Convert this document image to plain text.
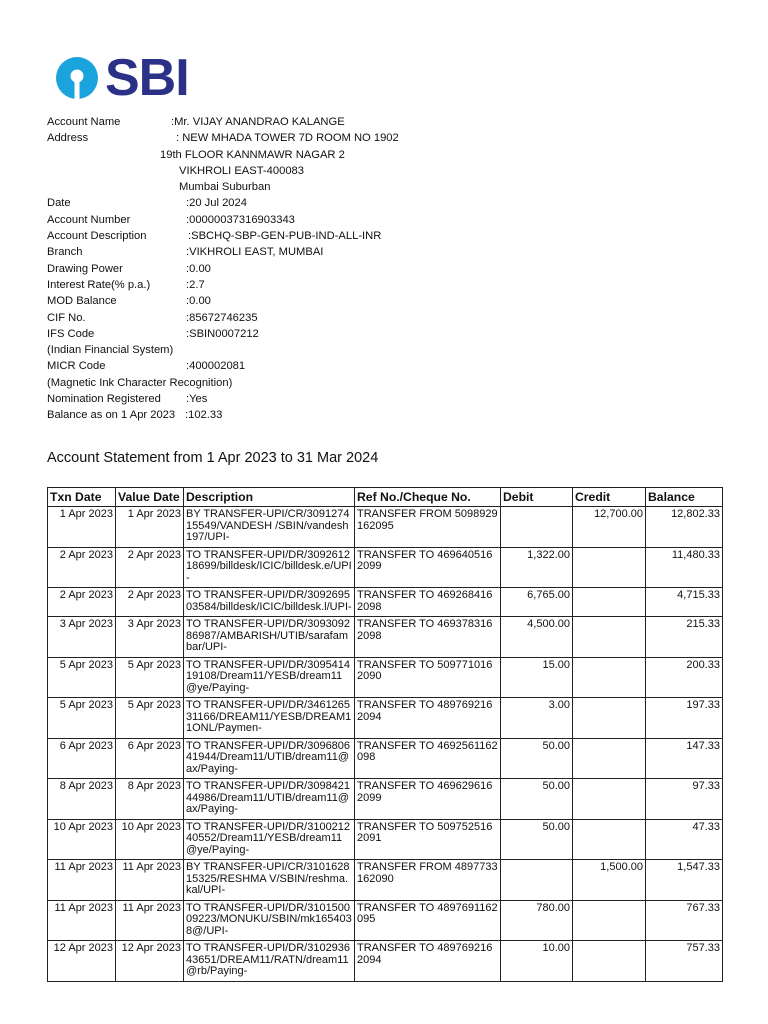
SBI
Account Name	:Mr. VIJAY ANANDRAO KALANGE
Address	: NEW MHADA TOWER 7D ROOM NO 1902
19th FLOOR KANNMAWR NAGAR 2
VIKHROLI EAST-400083
Mumbai Suburban
Date	:20 Jul 2024
Account Number	:00000037316903343
Account Description	:SBCHQ-SBP-GEN-PUB-IND-ALL-INR
Branch	:VIKHROLI EAST, MUMBAI
Drawing Power	:0.00
Interest Rate(% p.a.)	:2.7
MOD Balance	:0.00
CIF No.	:85672746235
IFS Code	:SBIN0007212
(Indian Financial System)
MICR Code	:400002081
(Magnetic Ink Character Recognition)
Nomination Registered :Yes
Balance as on 1 Apr 2023 :102.33
Account Statement from 1 Apr 2023 to 31 Mar 2024
Txn Date	Value Date	Description	Ref No./Cheque No.	Debit	Credit	Balance
1 Apr 2023	1 Apr 2023	BY TRANSFER-UPI/CR/309127415549/VANDESH /SBIN/vandesh197/UPI-	TRANSFER FROM 5098929162095		12,700.00	12,802.33
2 Apr 2023	2 Apr 2023	TO TRANSFER-UPI/DR/309261218699/billdesk/ICIC/billdesk.e/UPI-	TRANSFER TO 4696405162099	1,322.00		11,480.33
2 Apr 2023	2 Apr 2023	TO TRANSFER-UPI/DR/309269503584/billdesk/ICIC/billdesk.l/UPI-	TRANSFER TO 4692684162098	6,765.00		4,715.33
3 Apr 2023	3 Apr 2023	TO TRANSFER-UPI/DR/309309286987/AMBARISH/UTIB/sarafambar/UPI-	TRANSFER TO 4693783162098	4,500.00		215.33
5 Apr 2023	5 Apr 2023	TO TRANSFER-UPI/DR/309541419108/Dream11/YESB/dream11@ye/Paying-	TRANSFER TO 5097710162090	15.00		200.33
5 Apr 2023	5 Apr 2023	TO TRANSFER-UPI/DR/346126531166/DREAM11/YESB/DREAM11ONL/Paymen-	TRANSFER TO 4897692162094	3.00		197.33
6 Apr 2023	6 Apr 2023	TO TRANSFER-UPI/DR/309680641944/Dream11/UTIB/dream11@ax/Paying-	TRANSFER TO 4692561162098	50.00		147.33
8 Apr 2023	8 Apr 2023	TO TRANSFER-UPI/DR/309842144986/Dream11/UTIB/dream11@ax/Paying-	TRANSFER TO 4696296162099	50.00		97.33
10 Apr 2023	10 Apr 2023	TO TRANSFER-UPI/DR/310021240552/Dream11/YESB/dream11@ye/Paying-	TRANSFER TO 5097525162091	50.00		47.33
11 Apr 2023	11 Apr 2023	BY TRANSFER-UPI/CR/310162815325/RESHMA V/SBIN/reshma.kal/UPI-	TRANSFER FROM 4897733162090		1,500.00	1,547.33
11 Apr 2023	11 Apr 2023	TO TRANSFER-UPI/DR/310150009223/MONUKU/SBIN/mk1654038@/UPI-	TRANSFER TO 4897691162095	780.00		767.33
12 Apr 2023	12 Apr 2023	TO TRANSFER-UPI/DR/310293643651/DREAM11/RATN/dream11@rb/Paying-	TRANSFER TO 4897692162094	10.00		757.33
